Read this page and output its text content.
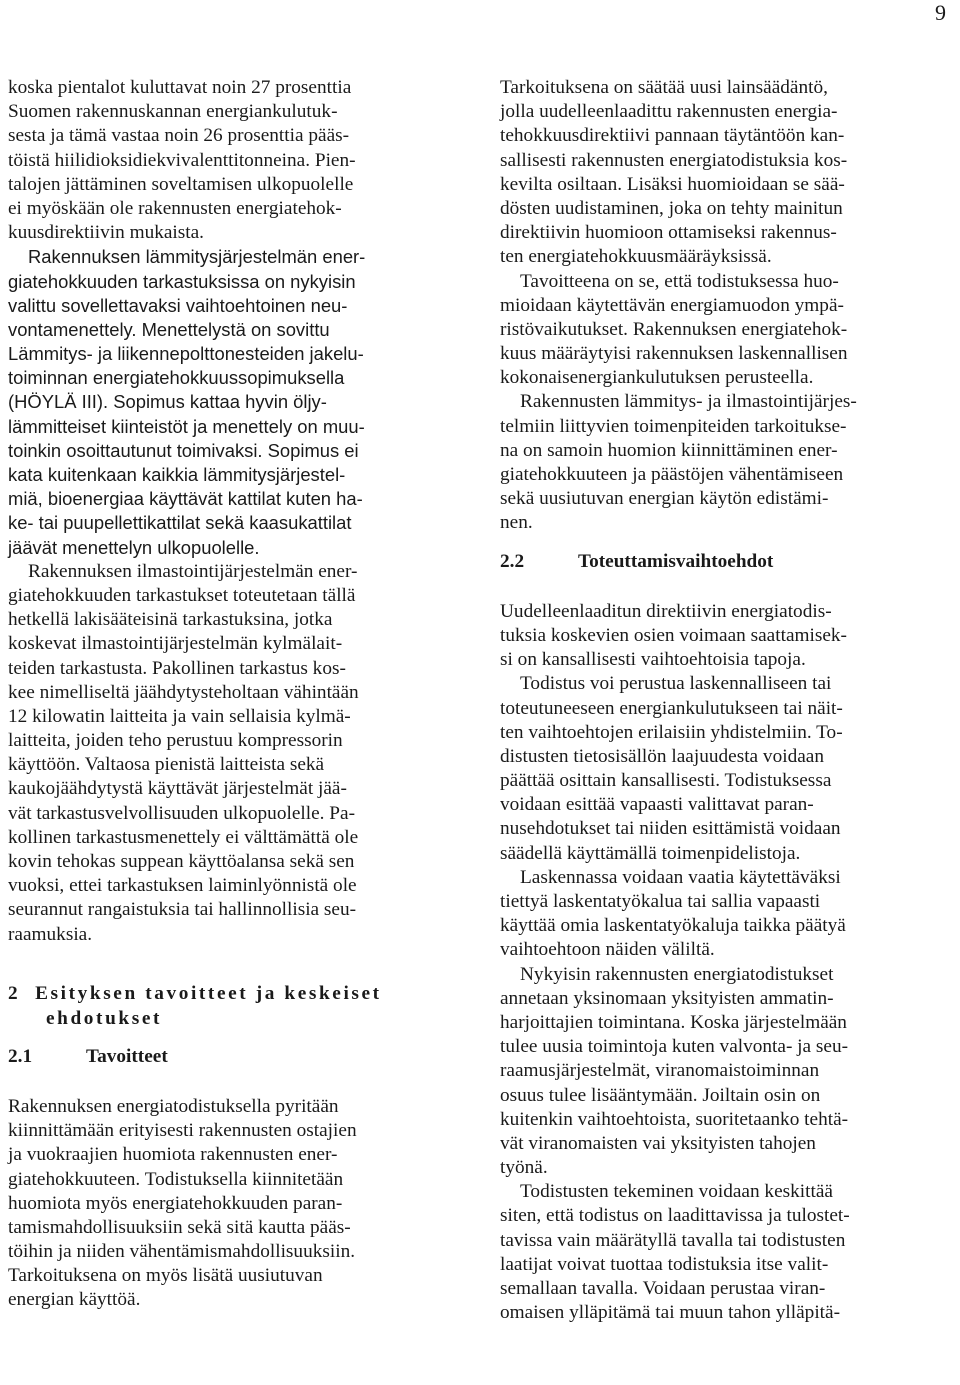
9
koska pientalot kuluttavat noin 27 prosenttia
Suomen rakennuskannan energiankulutuk-
sesta ja tämä vastaa noin 26 prosenttia pääs-
töistä hiilidioksidiekvivalenttitonneina. Pien-
talojen jättäminen soveltamisen ulkopuolelle
ei myöskään ole rakennusten energiatehok-
kuusdirektiivin mukaista.
Rakennuksen lämmitysjärjestelmän ener-
giatehokkuuden tarkastuksissa on nykyisin
valittu sovellettavaksi vaihtoehtoinen neu-
vontamenettely. Menettelystä on sovittu
Lämmitys- ja liikennepolttonesteiden jakelu-
toiminnan energiatehokkuussopimuksella
(HÖYLÄ III). Sopimus kattaa hyvin öljy-
lämmitteiset kiinteistöt ja menettely on muu-
toinkin osoittautunut toimivaksi. Sopimus ei
kata kuitenkaan kaikkia lämmitysjärjestel-
miä, bioenergiaa käyttävät kattilat kuten ha-
ke- tai puupellettikattilat sekä kaasukattilat
jäävät menettelyn ulkopuolelle.
Rakennuksen ilmastointijärjestelmän ener-
giatehokkuuden tarkastukset toteutetaan tällä
hetkellä lakisääteisinä tarkastuksina, jotka
koskevat ilmastointijärjestelmän kylmälait-
teiden tarkastusta. Pakollinen tarkastus kos-
kee nimelliseltä jäähdytysteholtaan vähintään
12 kilowatin laitteita ja vain sellaisia kylmä-
laitteita, joiden teho perustuu kompressorin
käyttöön. Valtaosa pienistä laitteista sekä
kaukojäähdytystä käyttävät järjestelmät jää-
vät tarkastusvelvollisuuden ulkopuolelle. Pa-
kollinen tarkastusmenettely ei välttämättä ole
kovin tehokas suppean käyttöalansa sekä sen
vuoksi, ettei tarkastuksen laiminlyönnistä ole
seurannut rangaistuksia tai hallinnollisia seu-
raamuksia.
2 Esityksen tavoitteet ja keskeiset
ehdotukset
2.1	Tavoitteet
Rakennuksen energiatodistuksella pyritään
kiinnittämään erityisesti rakennusten ostajien
ja vuokraajien huomiota rakennusten ener-
giatehokkuuteen. Todistuksella kiinnitetään
huomiota myös energiatehokkuuden paran-
tamismahdollisuuksiin sekä sitä kautta pääs-
töihin ja niiden vähentämismahdollisuuksiin.
Tarkoituksena on myös lisätä uusiutuvan
energian käyttöä.
Tarkoituksena on säätää uusi lainsäädäntö,
jolla uudelleenlaadittu rakennusten energia-
tehokkuusdirektiivi pannaan täytäntöön kan-
sallisesti rakennusten energiatodistuksia kos-
kevilta osiltaan. Lisäksi huomioidaan se sää-
dösten uudistaminen, joka on tehty mainitun
direktiivin huomioon ottamiseksi rakennus-
ten energiatehokkuusmääräyksissä.
Tavoitteena on se, että todistuksessa huo-
mioidaan käytettävän energiamuodon ympä-
ristövaikutukset. Rakennuksen energiatehok-
kuus määräytyisi rakennuksen laskennallisen
kokonaisenergiankulutuksen perusteella.
Rakennusten lämmitys- ja ilmastointijärjes-
telmiin liittyvien toimenpiteiden tarkoitukse-
na on samoin huomion kiinnittäminen ener-
giatehokkuuteen ja päästöjen vähentämiseen
sekä uusiutuvan energian käytön edistämi-
nen.
2.2	Toteuttamisvaihtoehdot
Uudelleenlaaditun direktiivin energiatodis-
tuksia koskevien osien voimaan saattamisek-
si on kansallisesti vaihtoehtoisia tapoja.
Todistus voi perustua laskennalliseen tai
toteutuneeseen energiankulutukseen tai näit-
ten vaihtoehtojen erilaisiin yhdistelmiin. To-
distusten tietosisällön laajuudesta voidaan
päättää osittain kansallisesti. Todistuksessa
voidaan esittää vapaasti valittavat paran-
nusehdotukset tai niiden esittämistä voidaan
säädellä käyttämällä toimenpidelistoja.
Laskennassa voidaan vaatia käytettäväksi
tiettyä laskentatyökalua tai sallia vapaasti
käyttää omia laskentatyökaluja taikka päätyä
vaihtoehtoon näiden väliltä.
Nykyisin rakennusten energiatodistukset
annetaan yksinomaan yksityisten ammatin-
harjoittajien toimintana. Koska järjestelmään
tulee uusia toimintoja kuten valvonta- ja seu-
raamusjärjestelmät, viranomaistoiminnan
osuus tulee lisääntymään. Joiltain osin on
kuitenkin vaihtoehtoista, suoritetaanko tehtä-
vät viranomaisten vai yksityisten tahojen
työnä.
Todistusten tekeminen voidaan keskittää
siten, että todistus on laadittavissa ja tulostet-
tavissa vain määrätyllä tavalla tai todistusten
laatijat voivat tuottaa todistuksia itse valit-
semallaan tavalla. Voidaan perustaa viran-
omaisen ylläpitämä tai muun tahon ylläpitä-
